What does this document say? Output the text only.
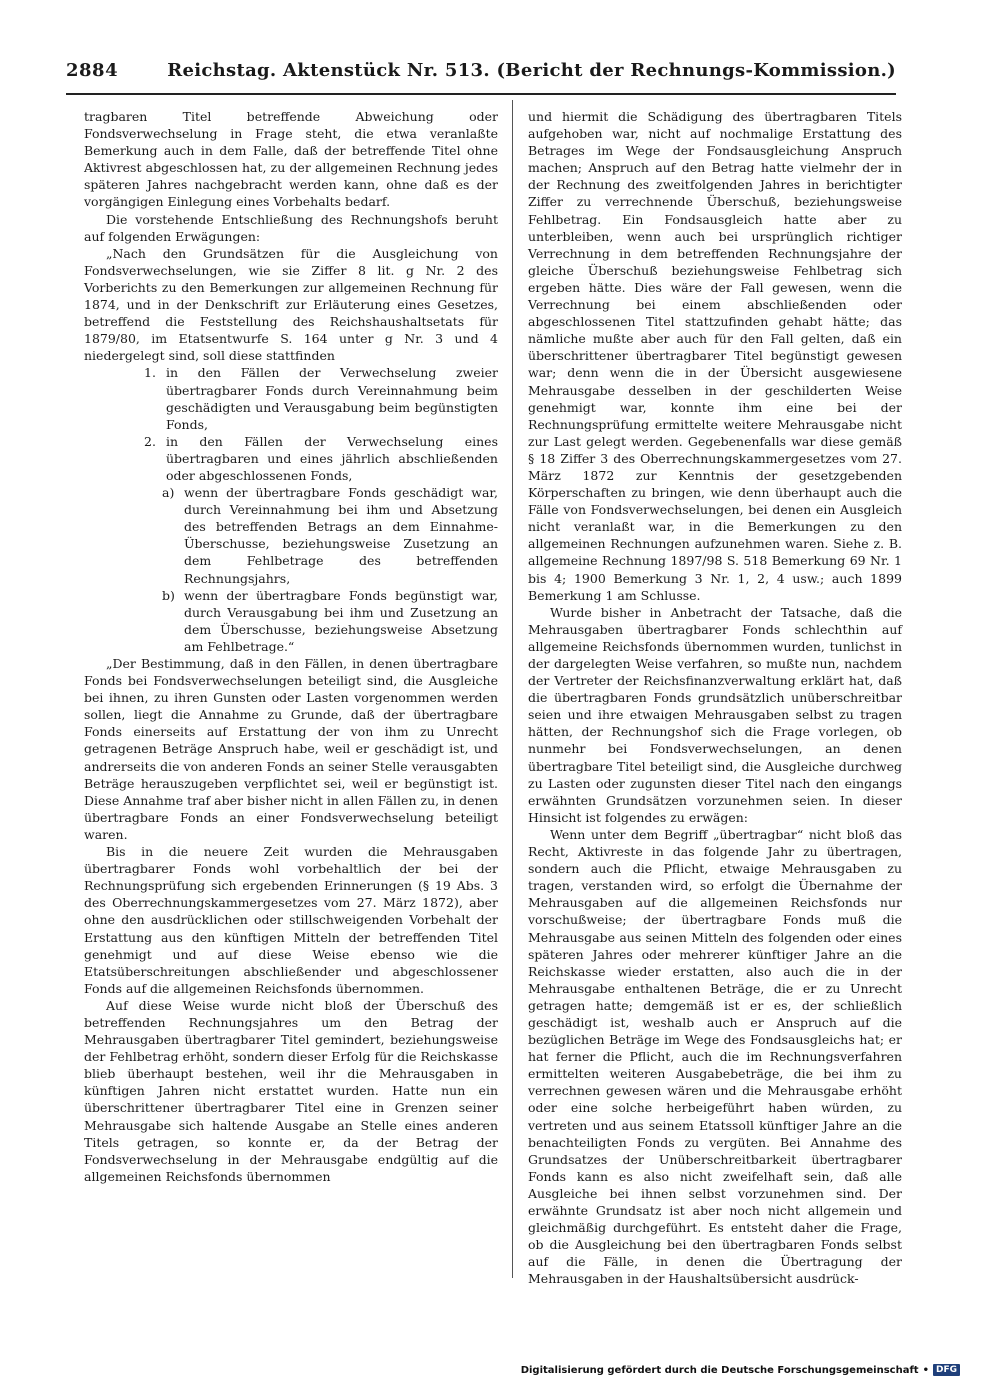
2884	Reichstag. Aktenstück Nr. 513. (Bericht der Rechnungs-Kommission.)

tragbaren Titel betreffende Abweichung oder Fondsverwechselung in Frage steht, die etwa veranlaßte Bemerkung auch in dem Falle, daß der betreffende Titel ohne Aktivrest abgeschlossen hat, zu der allgemeinen Rechnung jedes späteren Jahres nachgebracht werden kann, ohne daß es der vorgängigen Einlegung eines Vorbehalts bedarf.

Die vorstehende Entschließung des Rechnungshofs beruht auf folgenden Erwägungen:

„Nach den Grundsätzen für die Ausgleichung von Fondsverwechselungen, wie sie Ziffer 8 lit. g Nr. 2 des Vorberichts zu den Bemerkungen zur allgemeinen Rechnung für 1874, und in der Denkschrift zur Erläuterung eines Gesetzes, betreffend die Feststellung des Reichshaushaltsetats für 1879/80, im Etatsentwurfe S. 164 unter g Nr. 3 und 4 niedergelegt sind, soll diese stattfinden

1. in den Fällen der Verwechselung zweier übertragbarer Fonds durch Vereinnahmung beim geschädigten und Verausgabung beim begünstigten Fonds,

2. in den Fällen der Verwechselung eines übertragbaren und eines jährlich abschließenden oder abgeschlossenen Fonds,

a) wenn der übertragbare Fonds geschädigt war, durch Vereinnahmung bei ihm und Absetzung des betreffenden Betrags an dem Einnahme-Überschusse, beziehungsweise Zusetzung an dem Fehlbetrage des betreffenden Rechnungsjahrs,

b) wenn der übertragbare Fonds begünstigt war, durch Verausgabung bei ihm und Zusetzung an dem Überschusse, beziehungsweise Absetzung am Fehlbetrage.“

„Der Bestimmung, daß in den Fällen, in denen übertragbare Fonds bei Fondsverwechselungen beteiligt sind, die Ausgleiche bei ihnen, zu ihren Gunsten oder Lasten vorgenommen werden sollen, liegt die Annahme zu Grunde, daß der übertragbare Fonds einerseits auf Erstattung der von ihm zu Unrecht getragenen Beträge Anspruch habe, weil er geschädigt ist, und andrerseits die von anderen Fonds an seiner Stelle verausgabten Beträge herauszugeben verpflichtet sei, weil er begünstigt ist. Diese Annahme traf aber bisher nicht in allen Fällen zu, in denen übertragbare Fonds an einer Fondsverwechselung beteiligt waren.

Bis in die neuere Zeit wurden die Mehrausgaben übertragbarer Fonds wohl vorbehaltlich der bei der Rechnungsprüfung sich ergebenden Erinnerungen (§ 19 Abs. 3 des Oberrechnungskammergesetzes vom 27. März 1872), aber ohne den ausdrücklichen oder stillschweigenden Vorbehalt der Erstattung aus den künftigen Mitteln der betreffenden Titel genehmigt und auf diese Weise ebenso wie die Etatsüberschreitungen abschließender und abgeschlossener Fonds auf die allgemeinen Reichsfonds übernommen.

Auf diese Weise wurde nicht bloß der Überschuß des betreffenden Rechnungsjahres um den Betrag der Mehrausgaben übertragbarer Titel gemindert, beziehungsweise der Fehlbetrag erhöht, sondern dieser Erfolg für die Reichskasse blieb überhaupt bestehen, weil ihr die Mehrausgaben in künftigen Jahren nicht erstattet wurden. Hatte nun ein überschrittener übertragbarer Titel eine in Grenzen seiner Mehrausgabe sich haltende Ausgabe an Stelle eines anderen Titels getragen, so konnte er, da der Betrag der Fondsverwechselung in der Mehrausgabe endgültig auf die allgemeinen Reichsfonds übernommen

und hiermit die Schädigung des übertragbaren Titels aufgehoben war, nicht auf nochmalige Erstattung des Betrages im Wege der Fondsausgleichung Anspruch machen; Anspruch auf den Betrag hatte vielmehr der in der Rechnung des zweitfolgenden Jahres in berichtigter Ziffer zu verrechnende Überschuß, beziehungsweise Fehlbetrag. Ein Fondsausgleich hatte aber zu unterbleiben, wenn auch bei ursprünglich richtiger Verrechnung in dem betreffenden Rechnungsjahre der gleiche Überschuß beziehungsweise Fehlbetrag sich ergeben hätte. Dies wäre der Fall gewesen, wenn die Verrechnung bei einem abschließenden oder abgeschlossenen Titel stattzufinden gehabt hätte; das nämliche mußte aber auch für den Fall gelten, daß ein überschrittener übertragbarer Titel begünstigt gewesen war; denn wenn die in der Übersicht ausgewiesene Mehrausgabe desselben in der geschilderten Weise genehmigt war, konnte ihm eine bei der Rechnungsprüfung ermittelte weitere Mehrausgabe nicht zur Last gelegt werden. Gegebenenfalls war diese gemäß § 18 Ziffer 3 des Oberrechnungskammergesetzes vom 27. März 1872 zur Kenntnis der gesetzgebenden Körperschaften zu bringen, wie denn überhaupt auch die Fälle von Fondsverwechselungen, bei denen ein Ausgleich nicht veranlaßt war, in die Bemerkungen zu den allgemeinen Rechnungen aufzunehmen waren. Siehe z. B. allgemeine Rechnung 1897/98 S. 518 Bemerkung 69 Nr. 1 bis 4; 1900 Bemerkung 3 Nr. 1, 2, 4 usw.; auch 1899 Bemerkung 1 am Schlusse.

Wurde bisher in Anbetracht der Tatsache, daß die Mehrausgaben übertragbarer Fonds schlechthin auf allgemeine Reichsfonds übernommen wurden, tunlichst in der dargelegten Weise verfahren, so mußte nun, nachdem der Vertreter der Reichsfinanzverwaltung erklärt hat, daß die übertragbaren Fonds grundsätzlich unüberschreitbar seien und ihre etwaigen Mehrausgaben selbst zu tragen hätten, der Rechnungshof sich die Frage vorlegen, ob nunmehr bei Fondsverwechselungen, an denen übertragbare Titel beteiligt sind, die Ausgleiche durchweg zu Lasten oder zugunsten dieser Titel nach den eingangs erwähnten Grundsätzen vorzunehmen seien. In dieser Hinsicht ist folgendes zu erwägen:

Wenn unter dem Begriff „übertragbar“ nicht bloß das Recht, Aktivreste in das folgende Jahr zu übertragen, sondern auch die Pflicht, etwaige Mehrausgaben zu tragen, verstanden wird, so erfolgt die Übernahme der Mehrausgaben auf die allgemeinen Reichsfonds nur vorschußweise; der übertragbare Fonds muß die Mehrausgabe aus seinen Mitteln des folgenden oder eines späteren Jahres oder mehrerer künftiger Jahre an die Reichskasse wieder erstatten, also auch die in der Mehrausgabe enthaltenen Beträge, die er zu Unrecht getragen hatte; demgemäß ist er es, der schließlich geschädigt ist, weshalb auch er Anspruch auf die bezüglichen Beträge im Wege des Fondsausgleichs hat; er hat ferner die Pflicht, auch die im Rechnungsverfahren ermittelten weiteren Ausgabebeträge, die bei ihm zu verrechnen gewesen wären und die Mehrausgabe erhöht oder eine solche herbeigeführt haben würden, zu vertreten und aus seinem Etatssoll künftiger Jahre an die benachteiligten Fonds zu vergüten. Bei Annahme des Grundsatzes der Unüberschreitbarkeit übertragbarer Fonds kann es also nicht zweifelhaft sein, daß alle Ausgleiche bei ihnen selbst vorzunehmen sind. Der erwähnte Grundsatz ist aber noch nicht allgemein und gleichmäßig durchgeführt. Es entsteht daher die Frage, ob die Ausgleichung bei den übertragbaren Fonds selbst auf die Fälle, in denen die Übertragung der Mehrausgaben in der Haushaltsübersicht ausdrück-

Digitalisierung gefördert durch die Deutsche Forschungsgemeinschaft • DFG
